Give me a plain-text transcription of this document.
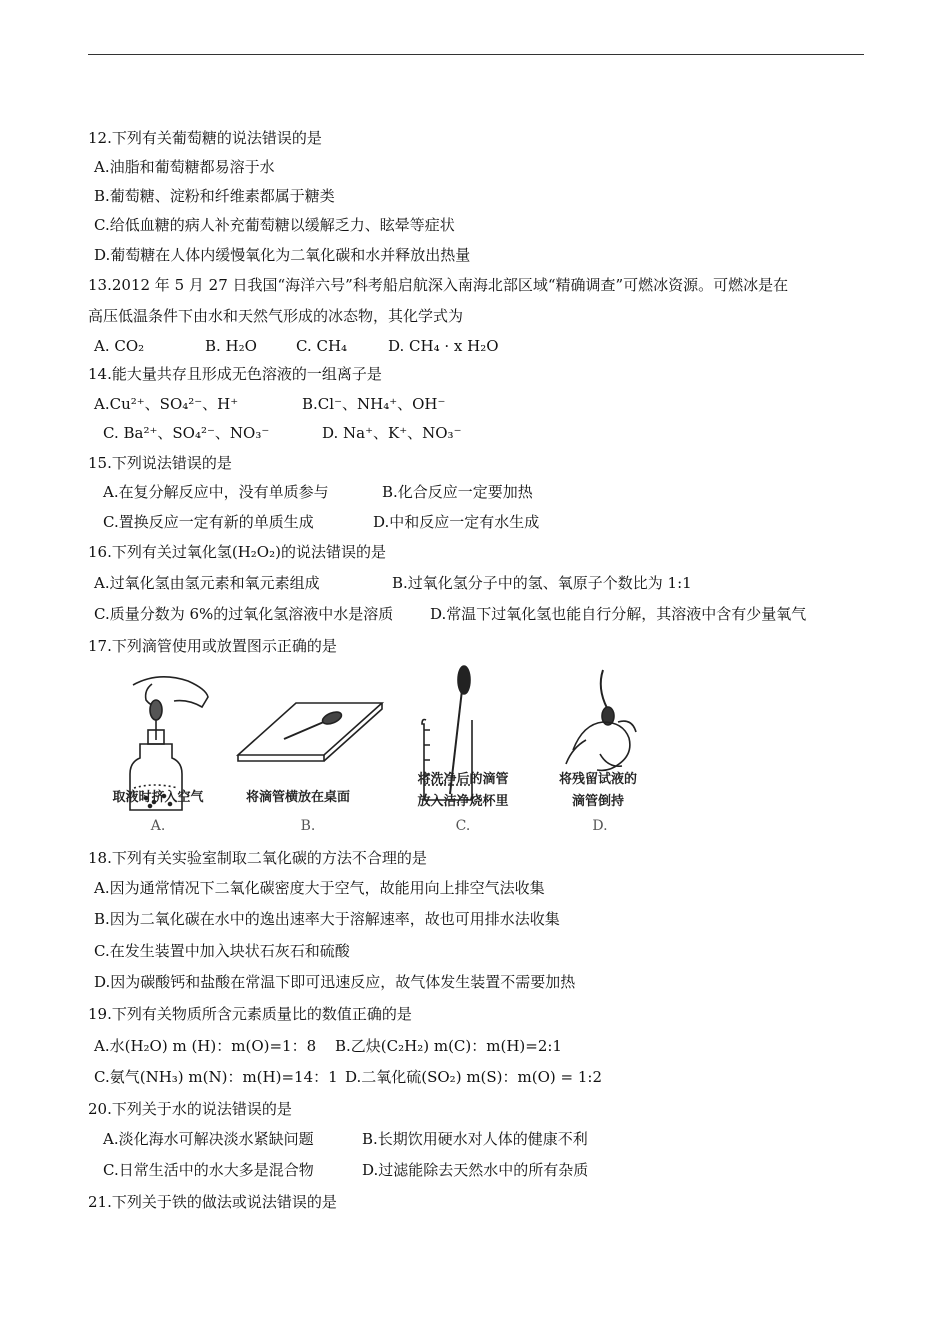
12.下列有关葡萄糖的说法错误的是
A.油脂和葡萄糖都易溶于水
B.葡萄糖、淀粉和纤维素都属于糖类
C.给低血糖的病人补充葡萄糖以缓解乏力、眩晕等症状
D.葡萄糖在人体内缓慢氧化为二氧化碳和水并释放出热量
13.2012 年 5 月 27 日我国“海洋六号”科考船启航深入南海北部区域“精确调查”可燃冰资源。可燃冰是在
高压低温条件下由水和天然气形成的冰态物，其化学式为
A. CO₂	B. H₂O	C. CH₄	D. CH₄ · x H₂O
14.能大量共存且形成无色溶液的一组离子是
A.Cu²⁺、SO₄²⁻、H⁺	B.Cl⁻、NH₄⁺、OH⁻
C. Ba²⁺、SO₄²⁻、NO₃⁻	D. Na⁺、K⁺、NO₃⁻
15.下列说法错误的是
A.在复分解反应中，没有单质参与	B.化合反应一定要加热
C.置换反应一定有新的单质生成	D.中和反应一定有水生成
16.下列有关过氧化氢(H₂O₂)的说法错误的是
A.过氧化氢由氢元素和氧元素组成	B.过氧化氢分子中的氢、氧原子个数比为 1:1
C.质量分数为 6%的过氧化氢溶液中水是溶质 D.常温下过氧化氢也能自行分解，其溶液中含有少量氧气
17.下列滴管使用或放置图示正确的是
取液时挤入空气	将滴管横放在桌面
将洗净后的滴管
放入洁净烧杯里
将残留试液的
滴管倒持
A.	B.	C.	D.
18.下列有关实验室制取二氧化碳的方法不合理的是
A.因为通常情况下二氧化碳密度大于空气，故能用向上排空气法收集
B.因为二氧化碳在水中的逸出速率大于溶解速率，故也可用排水法收集
C.在发生装置中加入块状石灰石和硫酸
D.因为碳酸钙和盐酸在常温下即可迅速反应，故气体发生装置不需要加热
19.下列有关物质所含元素质量比的数值正确的是
A.水(H₂O) m (H)：m(O)=1：8 B.乙炔(C₂H₂) m(C)：m(H)=2:1
C.氨气(NH₃) m(N)：m(H)=14：1 D.二氧化硫(SO₂) m(S)：m(O) = 1:2
20.下列关于水的说法错误的是
A.淡化海水可解决淡水紧缺问题	B.长期饮用硬水对人体的健康不利
C.日常生活中的水大多是混合物	D.过滤能除去天然水中的所有杂质
21.下列关于铁的做法或说法错误的是
